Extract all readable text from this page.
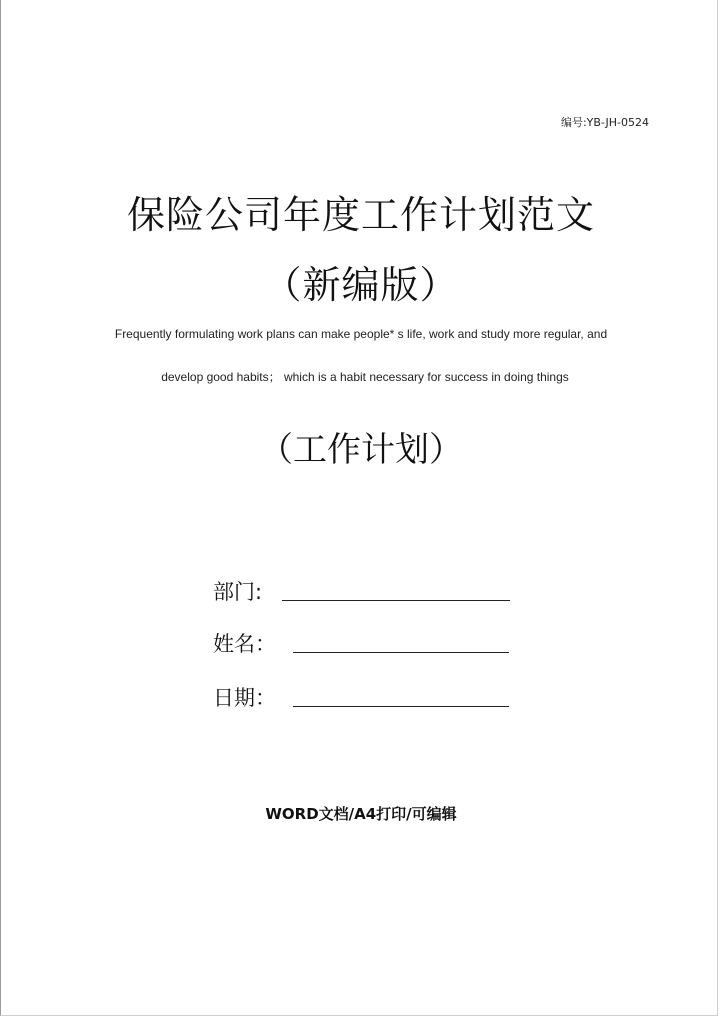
编号:YB-JH-0524
保险公司年度工作计划范文
（新编版）
Frequently formulating work plans can make people* s life, work and study more regular, and
develop good habits； which is a habit necessary for success in doing things
（工作计划）
部门:
姓名：
日期：
WORD文档/A4打印/可编辑
